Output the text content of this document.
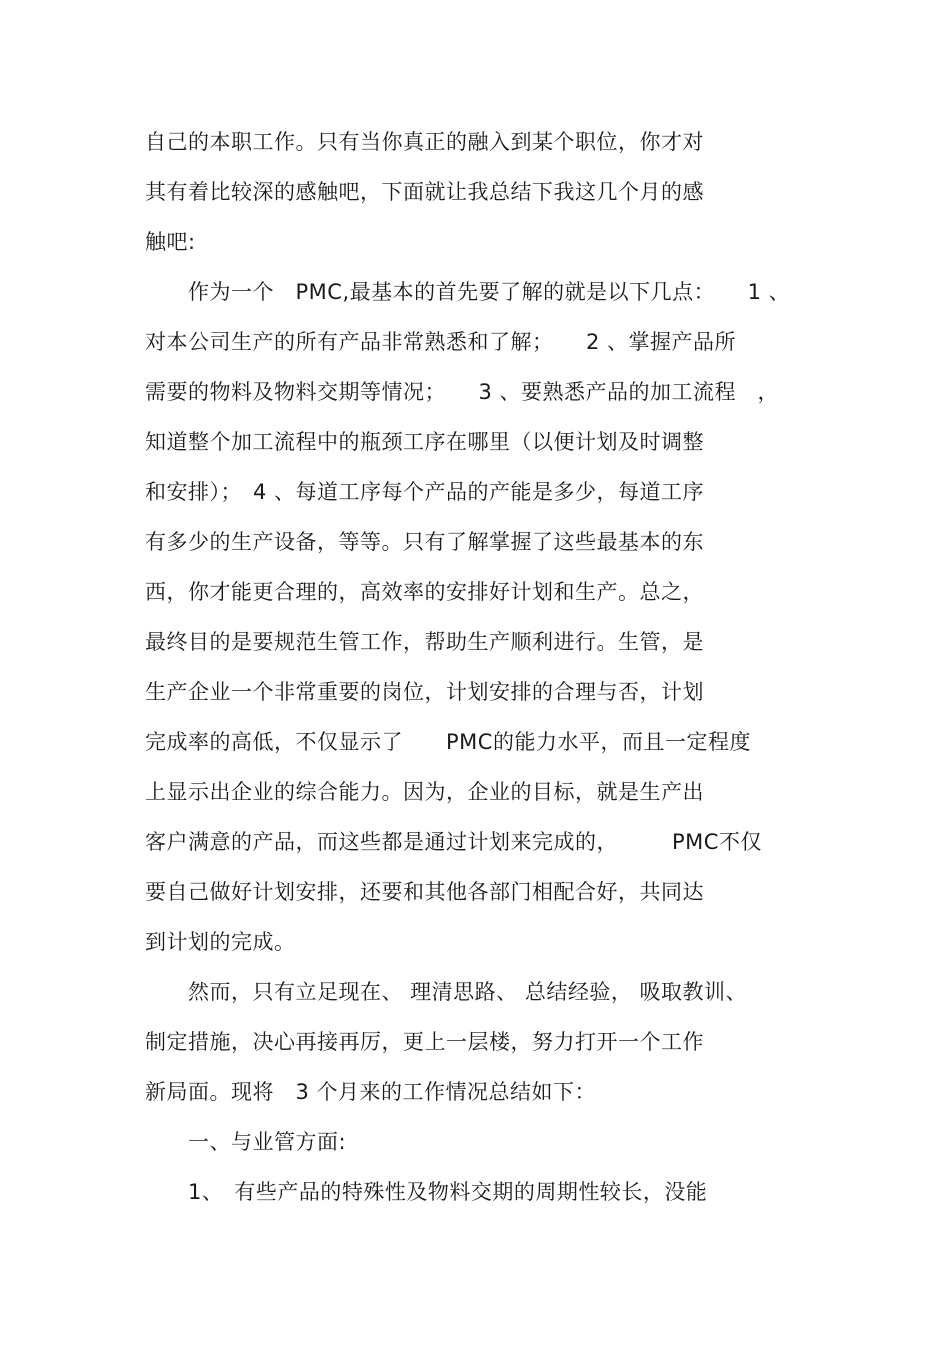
自己的本职工作。只有当你真正的融入到某个职位，你才对
其有着比较深的感触吧，下面就让我总结下我这几个月的感
触吧:
　　作为一个　PMC,最基本的首先要了解的就是以下几点：　　1 、
对本公司生产的所有产品非常熟悉和了解；　　2 、掌握产品所
需要的物料及物料交期等情况；　　3 、要熟悉产品的加工流程　，
知道整个加工流程中的瓶颈工序在哪里（以便计划及时调整
和安排）；　4 、每道工序每个产品的产能是多少，每道工序
有多少的生产设备，等等。只有了解掌握了这些最基本的东
西，你才能更合理的，高效率的安排好计划和生产。总之，
最终目的是要规范生管工作，帮助生产顺利进行。生管，是
生产企业一个非常重要的岗位，计划安排的合理与否，计划
完成率的高低，不仅显示了　　PMC的能力水平，而且一定程度
上显示出企业的综合能力。因为，企业的目标，就是生产出
客户满意的产品，而这些都是通过计划来完成的，　　　PMC不仅
要自己做好计划安排，还要和其他各部门相配合好，共同达
到计划的完成。
　　然而，只有立足现在、 理清思路、 总结经验， 吸取教训、
制定措施，决心再接再厉，更上一层楼，努力打开一个工作
新局面。现将　3 个月来的工作情况总结如下：
　　一、与业管方面:
　　1、　有些产品的特殊性及物料交期的周期性较长，没能
